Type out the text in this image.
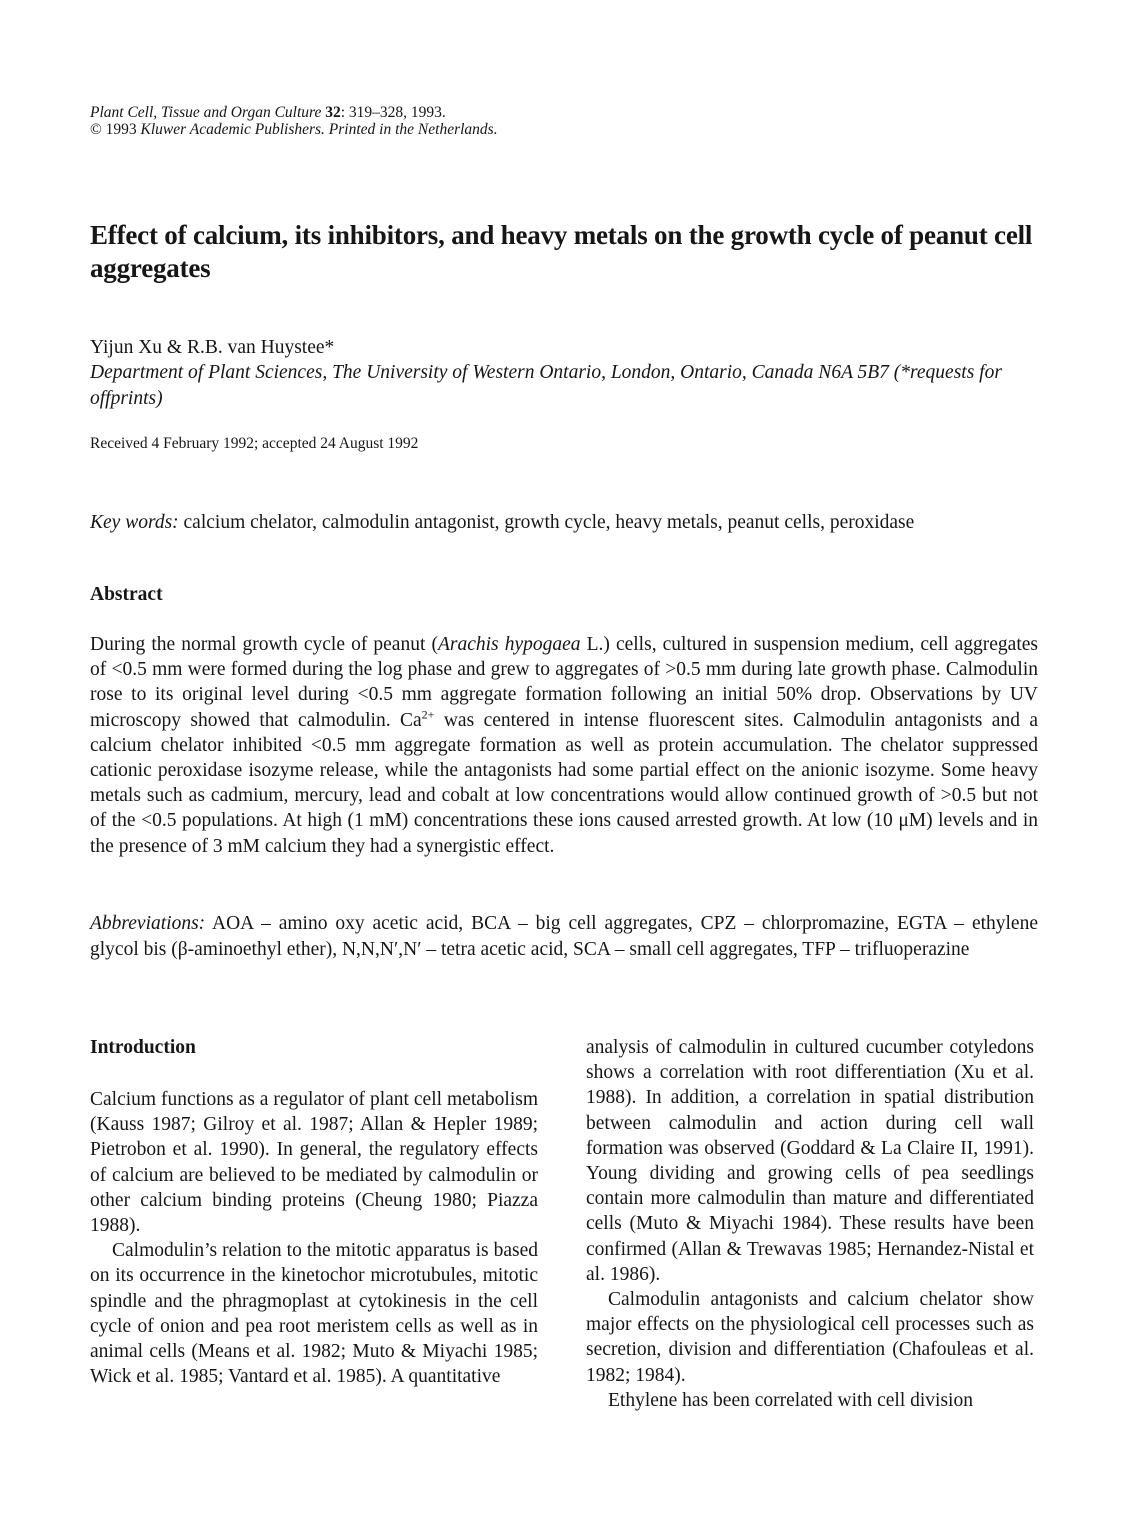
Plant Cell, Tissue and Organ Culture 32: 319–328, 1993.
© 1993 Kluwer Academic Publishers. Printed in the Netherlands.
Effect of calcium, its inhibitors, and heavy metals on the growth cycle of peanut cell aggregates
Yijun Xu & R.B. van Huystee*
Department of Plant Sciences, The University of Western Ontario, London, Ontario, Canada N6A 5B7 (*requests for offprints)
Received 4 February 1992; accepted 24 August 1992
Key words: calcium chelator, calmodulin antagonist, growth cycle, heavy metals, peanut cells, peroxidase
Abstract
During the normal growth cycle of peanut (Arachis hypogaea L.) cells, cultured in suspension medium, cell aggregates of <0.5 mm were formed during the log phase and grew to aggregates of >0.5 mm during late growth phase. Calmodulin rose to its original level during <0.5 mm aggregate formation following an initial 50% drop. Observations by UV microscopy showed that calmodulin. $Ca^{2+}$ was centered in intense fluorescent sites. Calmodulin antagonists and a calcium chelator inhibited <0.5 mm aggregate formation as well as protein accumulation. The chelator suppressed cationic peroxidase isozyme release, while the antagonists had some partial effect on the anionic isozyme. Some heavy metals such as cadmium, mercury, lead and cobalt at low concentrations would allow continued growth of >0.5 but not of the <0.5 populations. At high (1 mM) concentrations these ions caused arrested growth. At low (10 μM) levels and in the presence of 3 mM calcium they had a synergistic effect.
Abbreviations: AOA – amino oxy acetic acid, BCA – big cell aggregates, CPZ – chlorpromazine, EGTA – ethylene glycol bis (β-aminoethyl ether), N,N,N′,N′ – tetra acetic acid, SCA – small cell aggregates, TFP – trifluoperazine
Introduction

Calcium functions as a regulator of plant cell metabolism (Kauss 1987; Gilroy et al. 1987; Allan & Hepler 1989; Pietrobon et al. 1990). In general, the regulatory effects of calcium are believed to be mediated by calmodulin or other calcium binding proteins (Cheung 1980; Piazza 1988).

Calmodulin’s relation to the mitotic apparatus is based on its occurrence in the kinetochor microtubules, mitotic spindle and the phragmoplast at cytokinesis in the cell cycle of onion and pea root meristem cells as well as in animal cells (Means et al. 1982; Muto & Miyachi 1985; Wick et al. 1985; Vantard et al. 1985). A quantitative

analysis of calmodulin in cultured cucumber cotyledons shows a correlation with root differentiation (Xu et al. 1988). In addition, a correlation in spatial distribution between calmodulin and action during cell wall formation was observed (Goddard & La Claire II, 1991). Young dividing and growing cells of pea seedlings contain more calmodulin than mature and differentiated cells (Muto & Miyachi 1984). These results have been confirmed (Allan & Trewavas 1985; Hernandez-Nistal et al. 1986).

Calmodulin antagonists and calcium chelator show major effects on the physiological cell processes such as secretion, division and differentiation (Chafouleas et al. 1982; 1984).

Ethylene has been correlated with cell division
